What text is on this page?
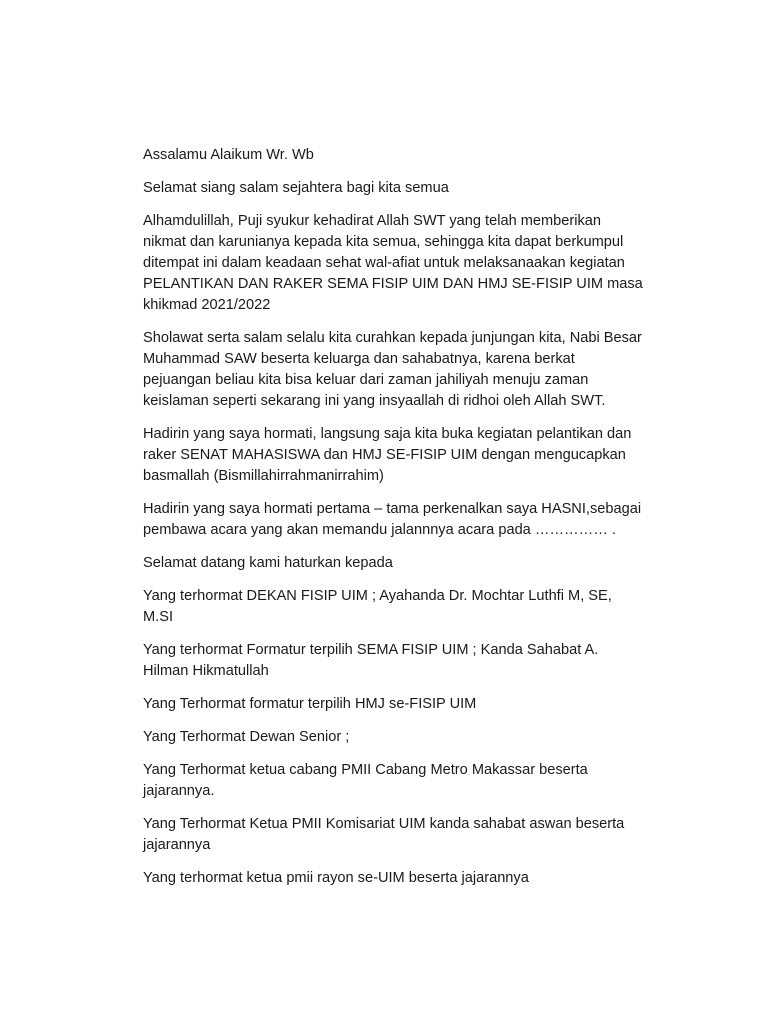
Assalamu Alaikum Wr. Wb

Selamat siang salam sejahtera bagi kita semua

Alhamdulillah, Puji syukur kehadirat Allah SWT yang telah memberikan
nikmat dan karunianya kepada kita semua, sehingga kita dapat berkumpul
ditempat ini dalam keadaan sehat wal-afiat untuk melaksanaakan kegiatan
PELANTIKAN DAN RAKER SEMA FISIP UIM DAN HMJ SE-FISIP UIM masa
khikmad 2021/2022

Sholawat serta salam selalu kita curahkan kepada junjungan kita, Nabi Besar
Muhammad SAW beserta keluarga dan sahabatnya, karena berkat
pejuangan beliau kita bisa keluar dari zaman jahiliyah menuju zaman
keislaman seperti sekarang ini yang insyaallah di ridhoi oleh Allah SWT.

Hadirin yang saya hormati, langsung saja kita buka kegiatan pelantikan dan
raker SENAT MAHASISWA dan HMJ SE-FISIP UIM dengan mengucapkan
basmallah (Bismillahirrahmanirrahim)

Hadirin yang saya hormati pertama – tama perkenalkan saya HASNI,sebagai
pembawa acara yang akan memandu jalannnya acara pada …………… .

Selamat datang kami haturkan kepada

Yang terhormat DEKAN FISIP UIM ; Ayahanda Dr. Mochtar Luthfi M, SE,
M.SI

Yang terhormat Formatur terpilih SEMA FISIP UIM ; Kanda Sahabat A.
Hilman Hikmatullah

Yang Terhormat formatur terpilih HMJ se-FISIP UIM

Yang Terhormat Dewan Senior ;

Yang Terhormat ketua cabang PMII Cabang Metro Makassar beserta
jajarannya.

Yang Terhormat Ketua PMII Komisariat UIM kanda sahabat aswan beserta
jajarannya

Yang terhormat ketua pmii rayon se-UIM beserta jajarannya
